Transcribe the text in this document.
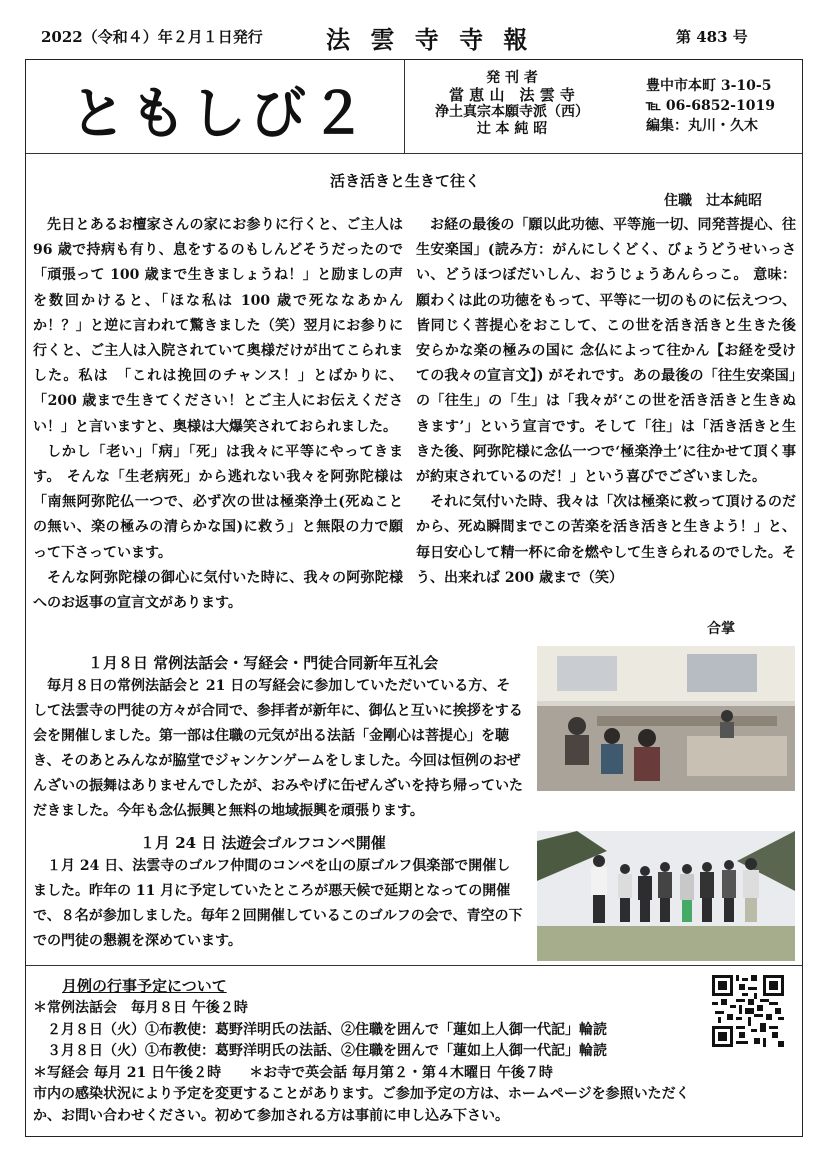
2022（令和４）年２月１日発行	法 雲 寺 寺 報	第 483 号
ともしび２
発 刊 者
當 恵 山　法 雲 寺
浄土真宗本願寺派（西）
辻 本 純 昭
豊中市本町 3-10-5
℡ 06-6852-1019
編集：丸川・久木
活き活きと生きて往く
住職　辻本純昭

先日とあるお檀家さんの家にお参りに行くと、ご主人は 96 歳で持病も有り、息をするのもしんどそうだったので「頑張って 100 歳まで生きましょうね！」と励ましの声を数回かけると、「ほな私は 100 歳で死ななあかんか！？」と逆に言われて驚きました（笑）翌月にお参りに行くと、ご主人は入院されていて奥様だけが出てこられました。私は　「これは挽回のチャンス！」とばかりに、「200 歳まで生きてください！とご主人にお伝えください！」と言いますと、奥様は大爆笑されておられました。

しかし「老い」「病」「死」は我々に平等にやってきます。 そんな「生老病死」から逃れない我々を阿弥陀様は「南無阿弥陀仏一つで、必ず次の世は極楽浄土(死ぬことの無い、楽の極みの清らかな国)に救う」と無限の力で願って下さっています。

そんな阿弥陀様の御心に気付いた時に、我々の阿弥陀様へのお返事の宣言文があります。

お経の最後の「願以此功徳、平等施一切、同発菩提心、往生安楽国」(読み方：がんにしくどく、びょうどうせいっさい、どうほつぼだいしん、おうじょうあんらっこ。 意味：願わくは此の功徳をもって、平等に一切のものに伝えつつ、皆同じく菩提心をおこして、この世を活き活きと生きた後 安らかな楽の極みの国に 念仏によって往かん【お経を受けての我々の宣言文】) がそれです。あの最後の「往生安楽国」の「往生」の「生」は「我々が‘この世を活き活きと生きぬきます’」という宣言です。そして「往」は「活き活きと生きた後、阿弥陀様に念仏一つで‘極楽浄土’に往かせて頂く事が約束されているのだ！」という喜びでございました。

それに気付いた時、我々は「次は極楽に救って頂けるのだから、死ぬ瞬間までこの苦楽を活き活きと生きよう！」と、毎日安心して精一杯に命を燃やして生きられるのでした。そう、出来れば 200 歳まで（笑）

合掌
１月８日 常例法話会・写経会・門徒合同新年互礼会

毎月８日の常例法話会と 21 日の写経会に参加していただいている方、そして法雲寺の門徒の方々が合同で、参拝者が新年に、御仏と互いに挨拶をする会を開催しました。第一部は住職の元気が出る法話「金剛心は菩提心」を聴き、そのあとみんなが脇堂でジャンケンゲームをしました。今回は恒例のおぜんざいの振舞はありませんでしたが、おみやげに缶ぜんざいを持ち帰っていただきました。今年も念仏振興と無料の地域振興を頑張ります。

１月 24 日 法遊会ゴルフコンペ開催

１月 24 日、法雲寺のゴルフ仲間のコンペを山の原ゴルフ倶楽部で開催しました。昨年の 11 月に予定していたところが悪天候で延期となっての開催で、８名が参加しました。毎年２回開催しているこのゴルフの会で、青空の下での門徒の懇親を深めています。

月例の行事予定について
＊常例法話会　毎月８日 午後２時
２月８日（火）①布教使：葛野洋明氏の法話、②住職を囲んで「蓮如上人御一代記」輪読
３月８日（火）①布教使：葛野洋明氏の法話、②住職を囲んで「蓮如上人御一代記」輪読
＊写経会 毎月 21 日午後２時　　＊お寺で英会話 毎月第２・第４木曜日 午後７時
市内の感染状況により予定を変更することがあります。ご参加予定の方は、ホームページを参照いただくか、お問い合わせください。初めて参加される方は事前に申し込み下さい。
